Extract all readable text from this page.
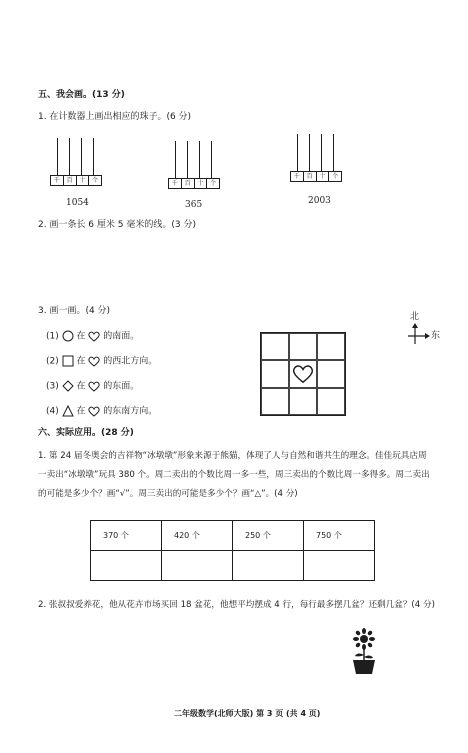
五、我会画。(13 分)
1. 在计数器上画出相应的珠子。(6 分)
千	百	十	个
1054
千	百	十	个
365
千	百	十	个
2003
2. 画一条长 6 厘米 5 毫米的线。(3 分)
3. 画一画。(4 分)
(1) 在 的南面。
(2) 在 的西北方向。
(3) 在 的东面。
(4) 在 的东南方向。
北
东
六、实际应用。(28 分)
1. 第 24 届冬奥会的吉祥物“冰墩墩”形象来源于熊猫，体现了人与自然和谐共生的理念。佳佳玩具店周
一卖出“冰墩墩”玩具 380 个。周二卖出的个数比周一多一些，周三卖出的个数比周一多得多。周二卖出
的可能是多少个？画“√”。周三卖出的可能是多少个？画“△”。(4 分)
370 个	420 个	250 个	750 个

2. 张叔叔爱养花，他从花卉市场买回 18 盆花，他想平均摆成 4 行，每行最多摆几盆？还剩几盆？(4 分)
二年级数学(北师大版) 第 3 页 (共 4 页)
